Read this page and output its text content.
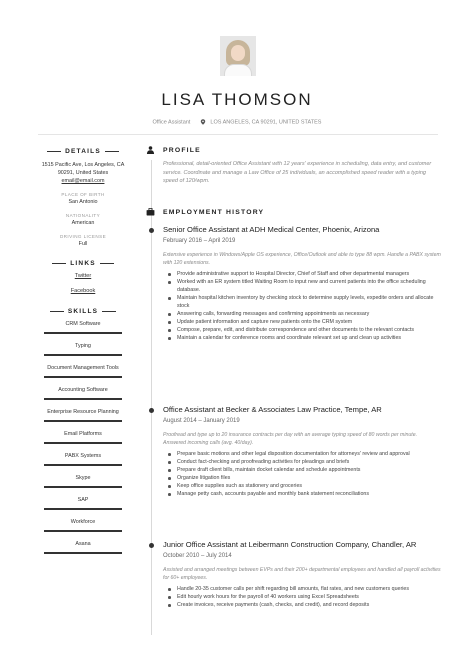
LISA THOMSON
Office Assistant	LOS ANGELES, CA 90291, UNITED STATES
DETAILS
1515 Pacific Ave, Los Angeles, CA
90291, United States
email@email.com
PLACE OF BIRTH
San Antonio
NATIONALITY
American
DRIVING LICENSE
Full
LINKS
Twitter
Facebook
SKILLS
CRM Software
Typing
Document Management Tools
Accounting Software
Enterprise Resource Planning
Email Platforms
PABX Systems
Skype
SAP
Workforce
Asana
PROFILE
Professional, detail-oriented Office Assistant with 12 years' experience in scheduling, data entry, and customer service. Coordinate and manage a Law Office of 25 individuals, an accomplished speed reader with a typing speed of 120/wpm.
EMPLOYMENT HISTORY
Senior Office Assistant at ADH Medical Center, Phoenix, Arizona
February 2016 – April 2019
Extensive experience in Windows/Apple OS experience, Office/Outlook and able to type 88 wpm. Handle a PABX system with 120 extensions.
Provide administrative support to Hospital Director, Chief of Staff and other departmental managers
Worked with an ER system titled Waiting Room to input new and current patients into the office scheduling database.
Maintain hospital kitchen inventory by checking stock to determine supply levels, expedite orders and allocate stock
Answering calls, forwarding messages and confirming appointments as necessary
Update patient information and capture new patients onto the CRM system
Compose, prepare, edit, and distribute correspondence and other documents to the relevant contacts
Maintain a calendar for conference rooms and coordinate relevant set up and clean up activities
Office Assistant at Becker & Associates Law Practice, Tempe, AR
August 2014 – January 2019
Proofread and type up to 20 insurance contracts per day with an average typing speed of 80 words per minute. Answered incoming calls (avg. 40/day).
Prepare basic motions and other legal disposition documentation for attorneys' review and approval
Conduct fact-checking and proofreading activities for pleadings and briefs
Prepare draft client bills, maintain docket calendar and schedule appointments
Organize litigation files
Keep office supplies such as stationery and groceries
Manage petty cash, accounts payable and monthly bank statement reconciliations
Junior Office Assistant at Leibermann Construction Company, Chandler, AR
October 2010 – July 2014
Assisted and arranged meetings between EVPs and their 200+ departmental employees and handled all payroll activities for 60+ employees.
Handle 20-35 customer calls per shift regarding bill amounts, flat rates, and new customers queries
Edit hourly work hours for the payroll of 40 workers using Excel Spreadsheets
Create invoices, receive payments (cash, checks, and credit), and record deposits
